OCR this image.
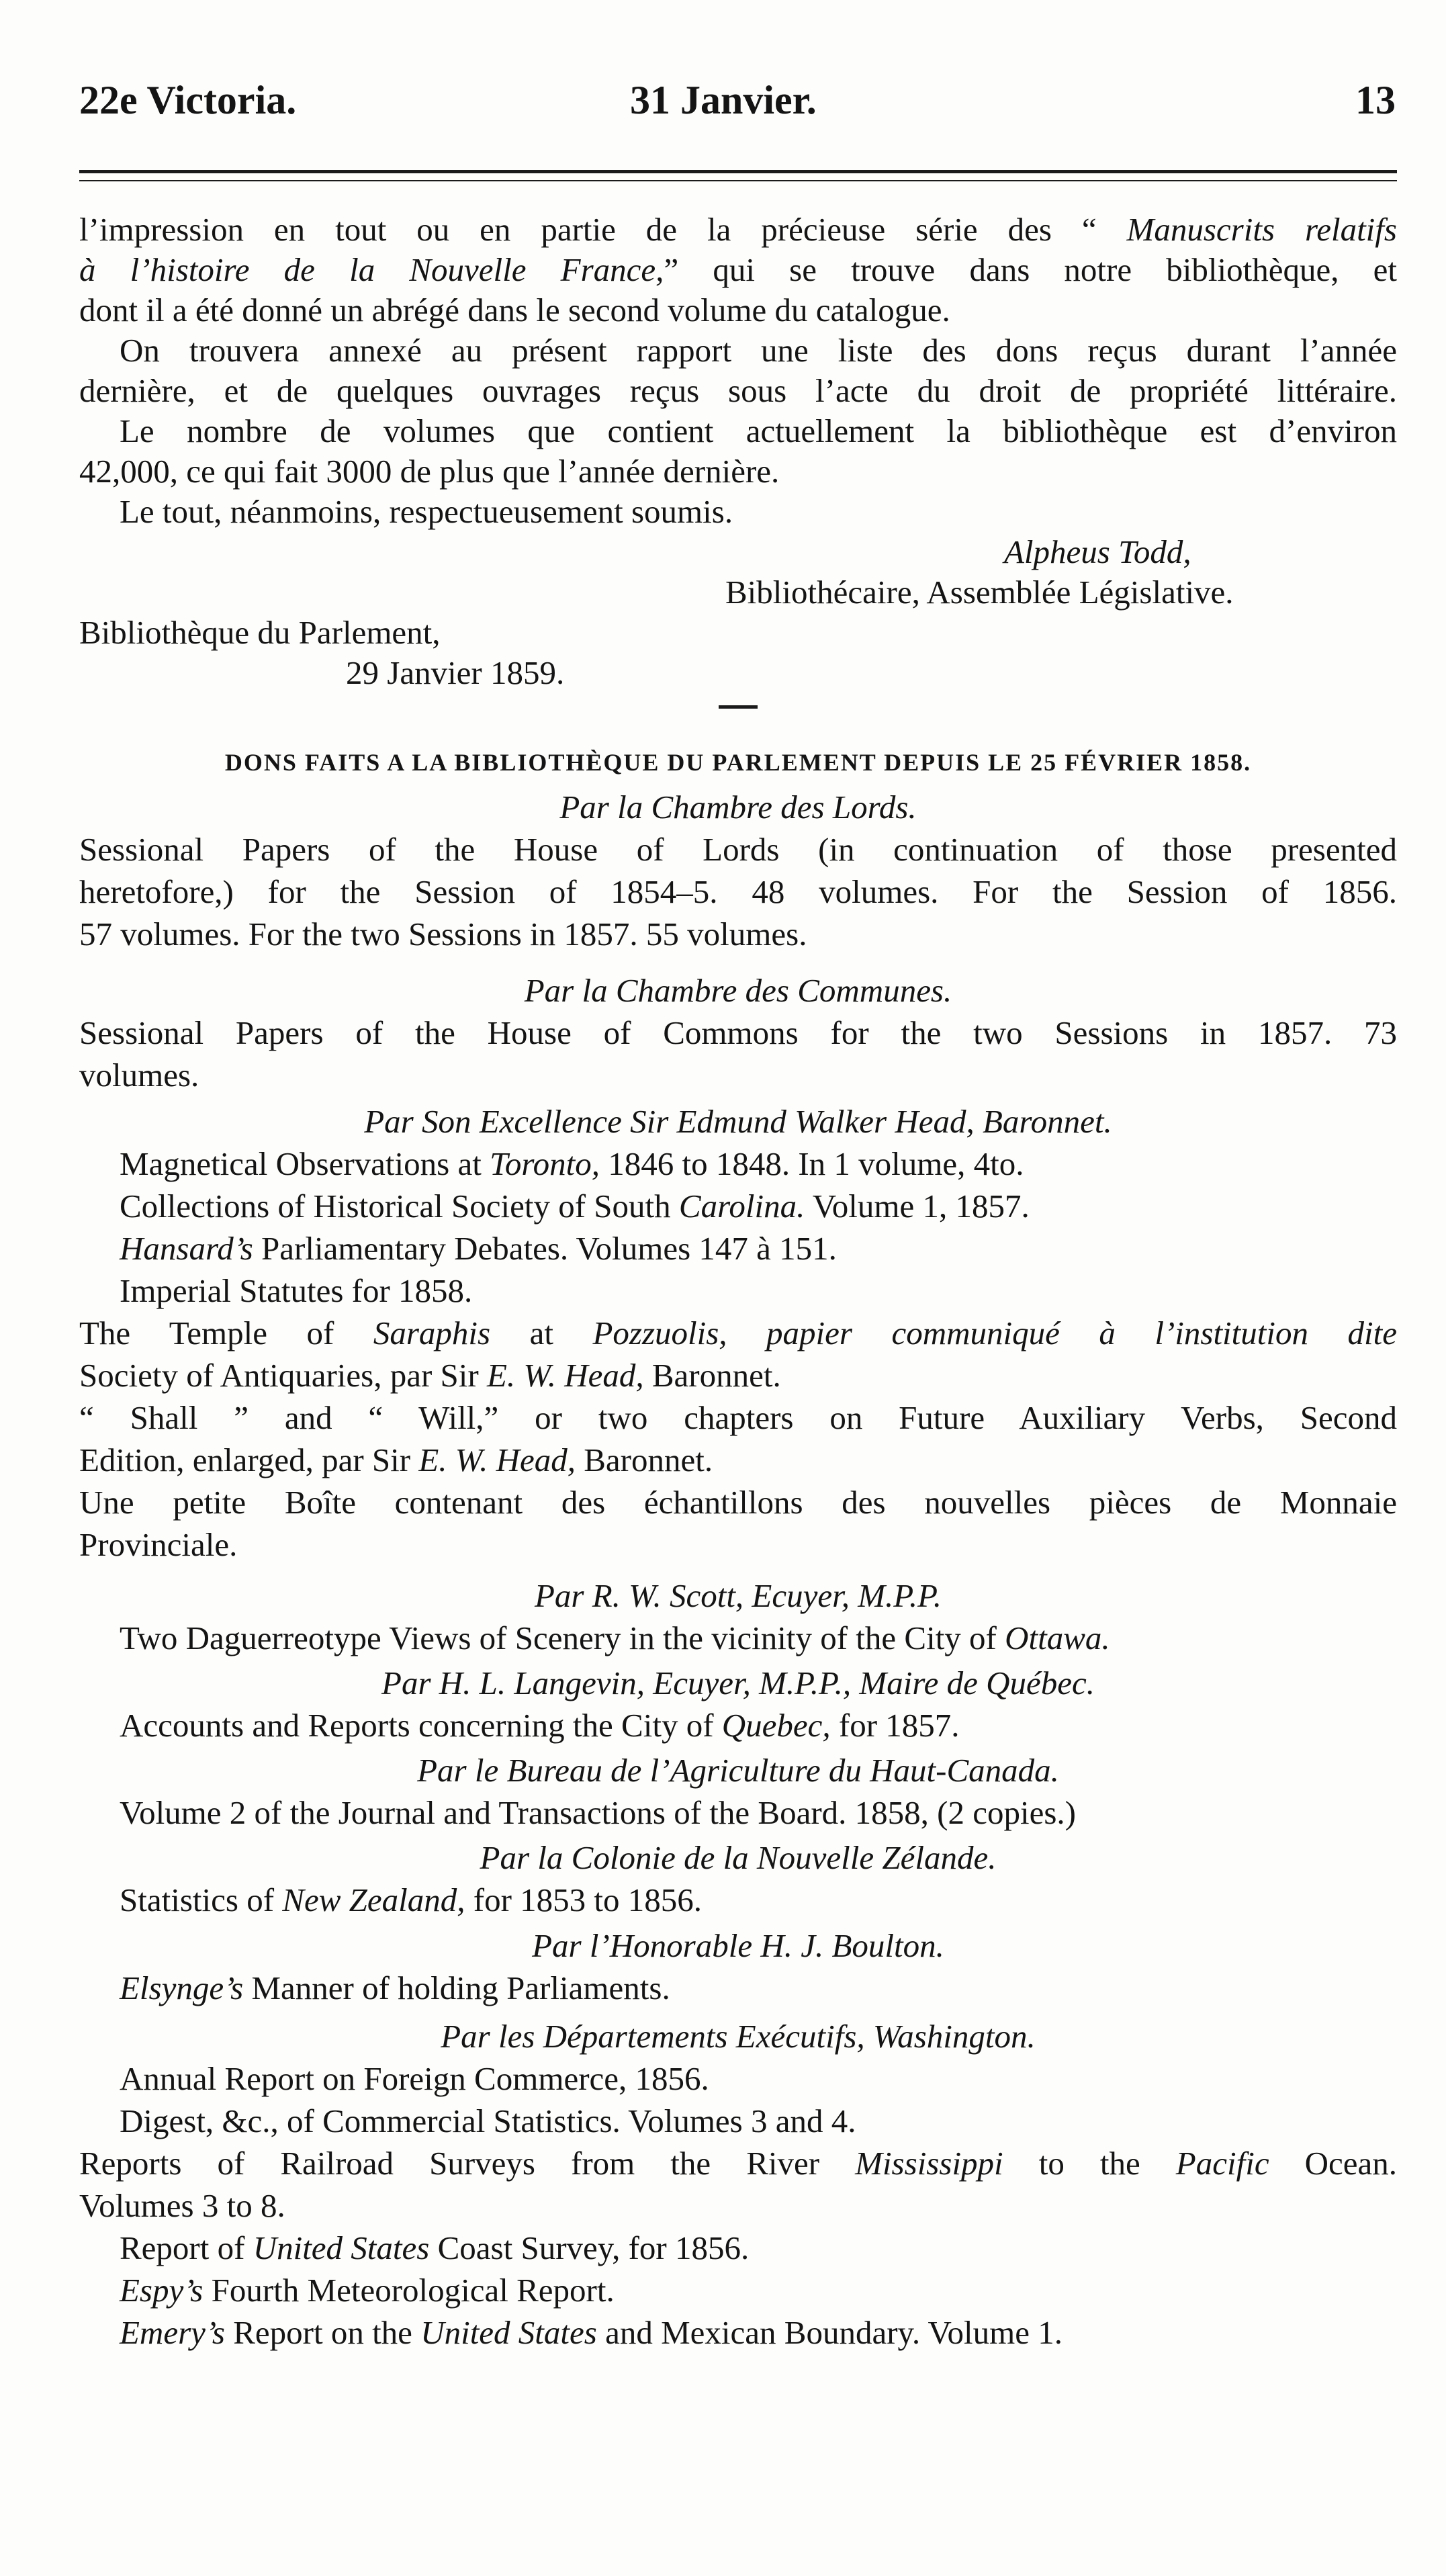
22e Victoria.	31 Janvier.	13
l’impression en tout ou en partie de la précieuse série des “ Manuscrits relatifs
à l’histoire de la Nouvelle France,” qui se trouve dans notre bibliothèque, et
dont il a été donné un abrégé dans le second volume du catalogue.
On trouvera annexé au présent rapport une liste des dons reçus durant l’année
dernière, et de quelques ouvrages reçus sous l’acte du droit de propriété littéraire.
Le nombre de volumes que contient actuellement la bibliothèque est d’environ
42,000, ce qui fait 3000 de plus que l’année dernière.
Le tout, néanmoins, respectueusement soumis.
Alpheus Todd,
Bibliothécaire, Assemblée Législative.
Bibliothèque du Parlement,
29 Janvier 1859.
DONS FAITS A LA BIBLIOTHÈQUE DU PARLEMENT DEPUIS LE 25 FÉVRIER 1858.
Par la Chambre des Lords.
Sessional Papers of the House of Lords (in continuation of those presented
heretofore,) for the Session of 1854–5. 48 volumes. For the Session of 1856.
57 volumes. For the two Sessions in 1857. 55 volumes.
Par la Chambre des Communes.
Sessional Papers of the House of Commons for the two Sessions in 1857. 73
volumes.
Par Son Excellence Sir Edmund Walker Head, Baronnet.
Magnetical Observations at Toronto, 1846 to 1848. In 1 volume, 4to.
Collections of Historical Society of South Carolina. Volume 1, 1857.
Hansard’s Parliamentary Debates. Volumes 147 à 151.
Imperial Statutes for 1858.
The Temple of Saraphis at Pozzuolis, papier communiqué à l’institution dite
Society of Antiquaries, par Sir E. W. Head, Baronnet.
“ Shall ” and “ Will,” or two chapters on Future Auxiliary Verbs, Second
Edition, enlarged, par Sir E. W. Head, Baronnet.
Une petite Boîte contenant des échantillons des nouvelles pièces de Monnaie
Provinciale.
Par R. W. Scott, Ecuyer, M.P.P.
Two Daguerreotype Views of Scenery in the vicinity of the City of Ottawa.
Par H. L. Langevin, Ecuyer, M.P.P., Maire de Québec.
Accounts and Reports concerning the City of Quebec, for 1857.
Par le Bureau de l’Agriculture du Haut-Canada.
Volume 2 of the Journal and Transactions of the Board. 1858, (2 copies.)
Par la Colonie de la Nouvelle Zélande.
Statistics of New Zealand, for 1853 to 1856.
Par l’Honorable H. J. Boulton.
Elsynge’s Manner of holding Parliaments.
Par les Départements Exécutifs, Washington.
Annual Report on Foreign Commerce, 1856.
Digest, &c., of Commercial Statistics. Volumes 3 and 4.
Reports of Railroad Surveys from the River Mississippi to the Pacific Ocean.
Volumes 3 to 8.
Report of United States Coast Survey, for 1856.
Espy’s Fourth Meteorological Report.
Emery’s Report on the United States and Mexican Boundary. Volume 1.
